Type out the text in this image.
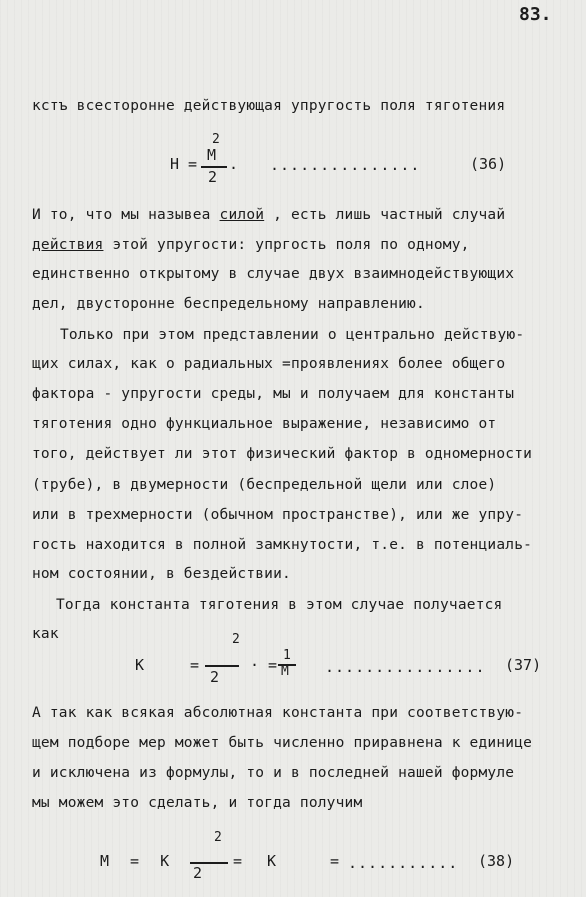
83.
кстъ всесторонне действующая упругость поля тяготения
Н = М
2
2
. ...............	(36)
И то, что мы назывеа силой , есть лишь частный случай
действия этой упругости: упргость поля по одному,
единственно открытому в случае двух взаимнодействующих
дел, двусторонне беспредельному направлению.
Только при этом представлении о центрально действую-
щих силах, как о радиальных =проявлениях более общего
фактора - упругости среды, мы и получаем для константы
тяготения одно функциальное выражение, независимо от
того, действует ли этот физический фактор в одномерности
(трубе), в двумерности (беспредельной щели или слое)
или в трехмерности (обычном пространстве), или же упру-
гость находится в полной замкнутости, т.е. в потенциаль-
ном состоянии, в бездействии.
Тогда константа тяготения в этом случае получается
как
К	=
2
2
· =
1
М ................ (37)
А так как всякая абсолютная константа при соответствую-
щем подборе мер может быть численно приравнена к единице
и исключена из формулы, то и в последней нашей формуле
мы можем это сделать, и тогда получим
М = К
2
2
= К	= ........... (38)
